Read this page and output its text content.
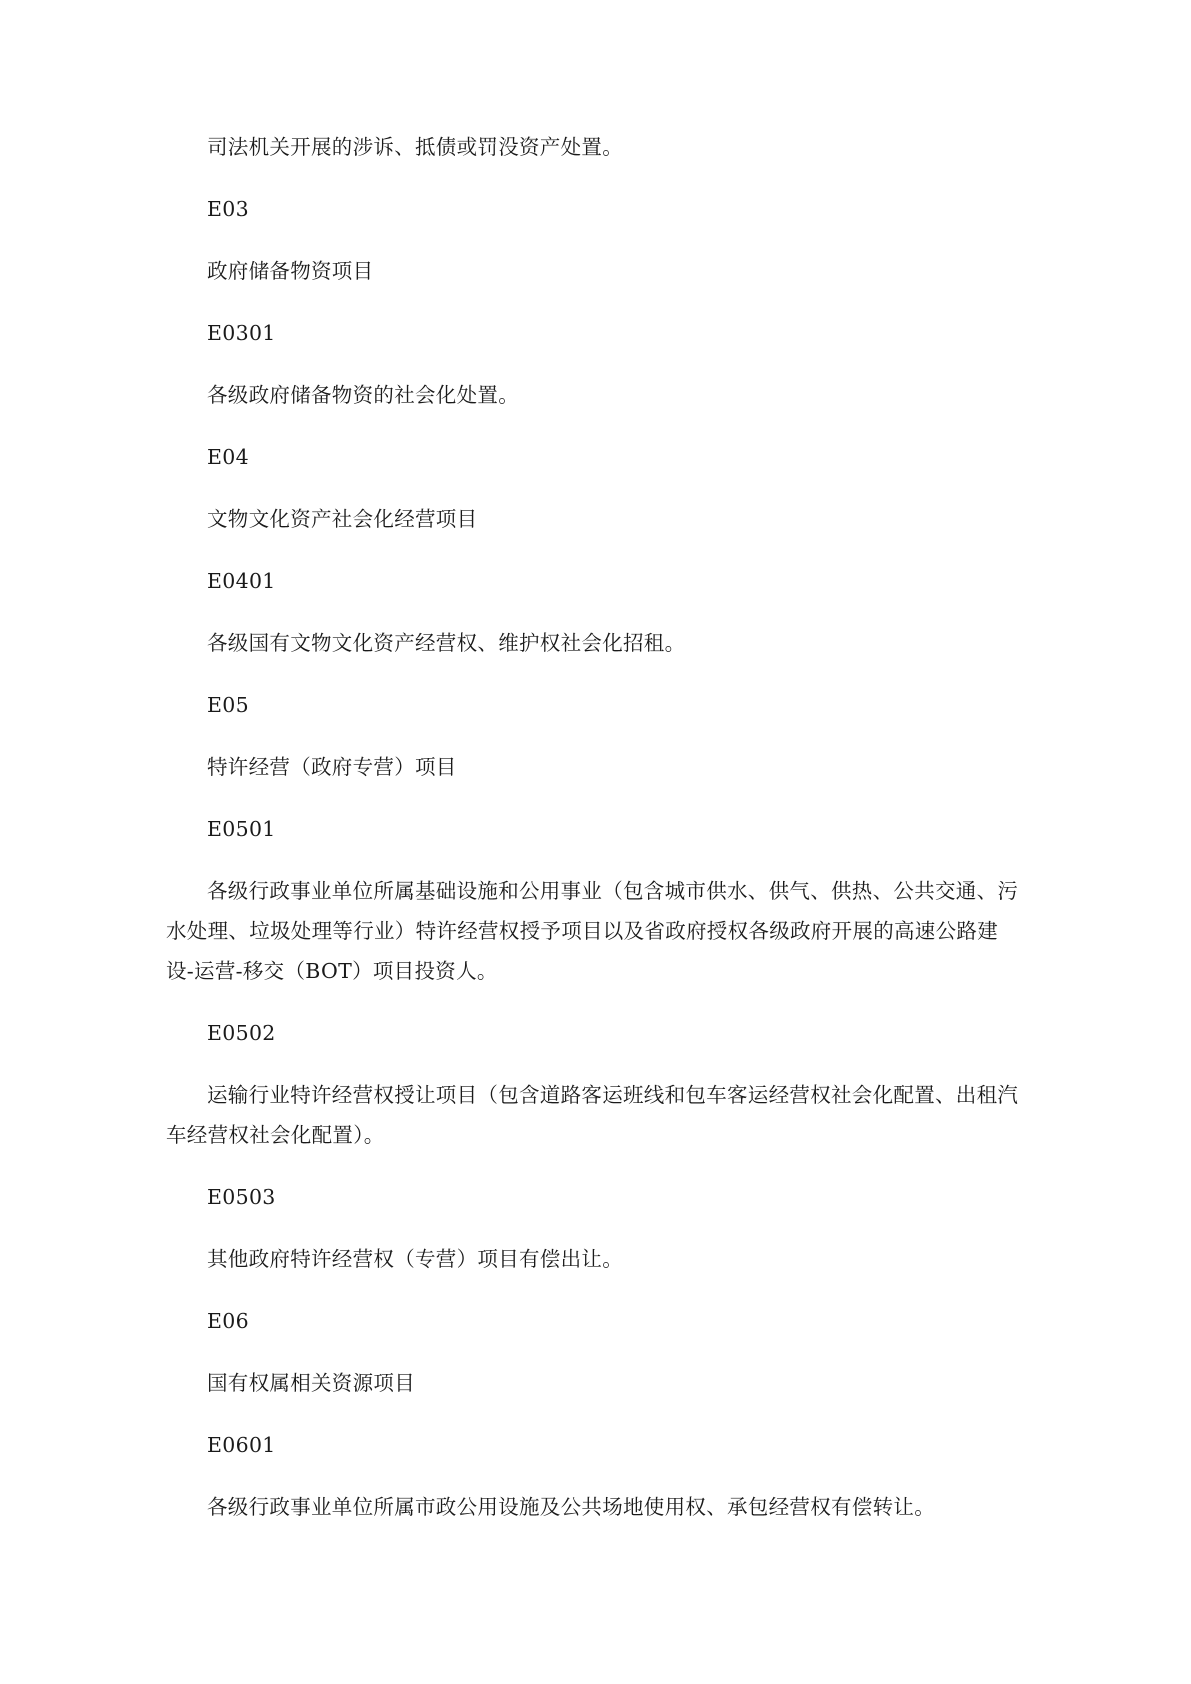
司法机关开展的涉诉、抵债或罚没资产处置。

E03

政府储备物资项目

E0301

各级政府储备物资的社会化处置。

E04

文物文化资产社会化经营项目

E0401

各级国有文物文化资产经营权、维护权社会化招租。

E05

特许经营（政府专营）项目

E0501

各级行政事业单位所属基础设施和公用事业（包含城市供水、供气、供热、公共交通、污水处理、垃圾处理等行业）特许经营权授予项目以及省政府授权各级政府开展的高速公路建设-运营-移交（BOT）项目投资人。

E0502

运输行业特许经营权授让项目（包含道路客运班线和包车客运经营权社会化配置、出租汽车经营权社会化配置）。

E0503

其他政府特许经营权（专营）项目有偿出让。

E06

国有权属相关资源项目

E0601

各级行政事业单位所属市政公用设施及公共场地使用权、承包经营权有偿转让。
